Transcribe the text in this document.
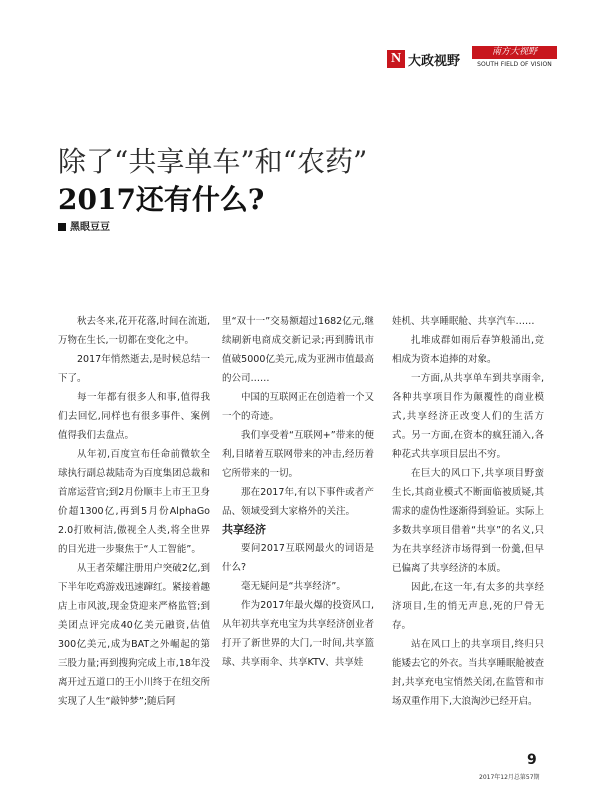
N 大政视野
南方大视野
SOUTH FIELD OF VISION
除了“共享单车”和“农药”
2017还有什么?
黑眼豆豆

秋去冬来,花开花落,时间在流逝,万物在生长,一切都在变化之中。

2017年悄然逝去,是时候总结一下了。

每一年都有很多人和事,值得我们去回忆,同样也有很多事件、案例值得我们去盘点。

从年初,百度宣布任命前微软全球执行副总裁陆奇为百度集团总裁和首席运营官;到2月份顺丰上市王卫身价超1300亿,再到5月份AlphaGo 2.0打败柯洁,傲视全人类,将全世界的目光进一步聚焦于“人工智能”。

从王者荣耀注册用户突破2亿,到下半年吃鸡游戏迅速蹿红。紧接着趣店上市风波,现金贷迎来严格监管;到美团点评完成40亿美元融资,估值300亿美元,成为BAT之外崛起的第三股力量;再到搜狗完成上市,18年没离开过五道口的王小川终于在纽交所实现了人生“敲钟梦”;随后阿

里“双十一”交易额超过1682亿元,继续刷新电商成交新记录;再到腾讯市值破5000亿美元,成为亚洲市值最高的公司……

中国的互联网正在创造着一个又一个的奇迹。

我们享受着“互联网+”带来的便利,目睹着互联网带来的冲击,经历着它所带来的一切。

那在2017年,有以下事件或者产品、领域受到大家格外的关注。

共享经济

要问2017互联网最火的词语是什么?

毫无疑问是“共享经济”。

作为2017年最火爆的投资风口,从年初共享充电宝为共享经济创业者打开了新世界的大门,一时间,共享篮球、共享雨伞、共享KTV、共享娃

娃机、共享睡眠舱、共享汽车……

扎堆成群如雨后春笋般涌出,竞相成为资本追捧的对象。

一方面,从共享单车到共享雨伞,各种共享项目作为颠覆性的商业模式,共享经济正改变人们的生活方式。另一方面,在资本的疯狂涌入,各种花式共享项目层出不穷。

在巨大的风口下,共享项目野蛮生长,其商业模式不断面临被质疑,其需求的虚伪性逐渐得到验证。实际上多数共享项目借着“共享”的名义,只为在共享经济市场得到一份羹,但早已偏离了共享经济的本质。

因此,在这一年,有太多的共享经济项目,生的悄无声息,死的尸骨无存。

站在风口上的共享项目,终归只能矮去它的外衣。当共享睡眠舱被查封,共享充电宝悄然关闭,在监管和市场双重作用下,大浪淘沙已经开启。

9
2017年12月总第57期
